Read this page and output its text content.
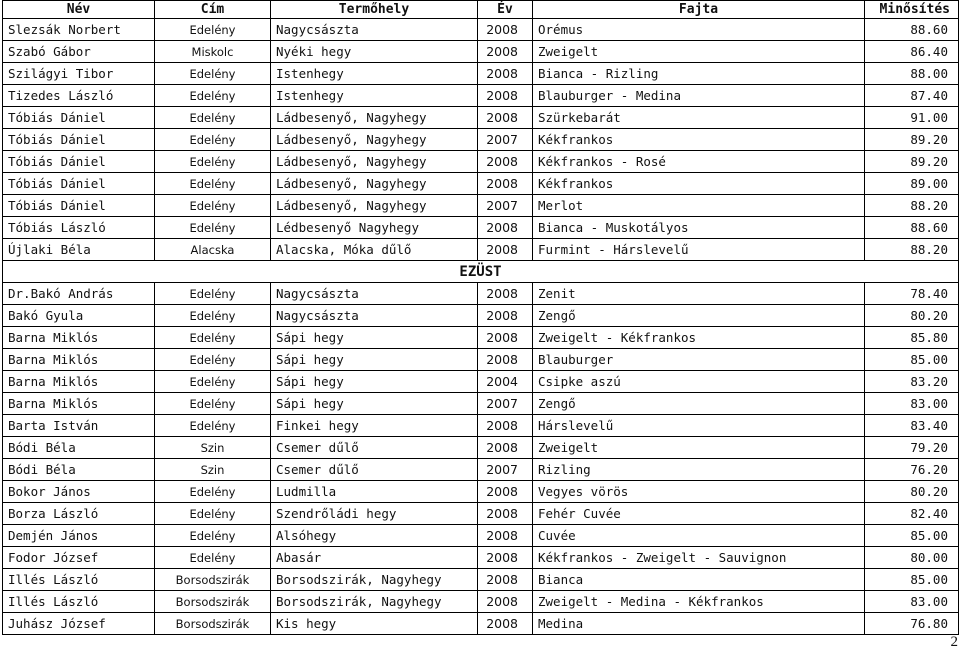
Név	Cím	Termőhely	Év	Fajta	Minősítés
Slezsák Norbert	Edelény	Nagycsászta	2008	Orémus	88.60
Szabó Gábor	Miskolc	Nyéki hegy	2008	Zweigelt	86.40
Szilágyi Tibor	Edelény	Istenhegy	2008	Bianca - Rizling	88.00
Tizedes László	Edelény	Istenhegy	2008	Blauburger - Medina	87.40
Tóbiás Dániel	Edelény	Ládbesenyő, Nagyhegy	2008	Szürkebarát	91.00
Tóbiás Dániel	Edelény	Ládbesenyő, Nagyhegy	2007	Kékfrankos	89.20
Tóbiás Dániel	Edelény	Ládbesenyő, Nagyhegy	2008	Kékfrankos - Rosé	89.20
Tóbiás Dániel	Edelény	Ládbesenyő, Nagyhegy	2008	Kékfrankos	89.00
Tóbiás Dániel	Edelény	Ládbesenyő, Nagyhegy	2007	Merlot	88.20
Tóbiás László	Edelény	Lédbesenyő Nagyhegy	2008	Bianca - Muskotályos	88.60
Újlaki Béla	Alacska	Alacska, Móka dűlő	2008	Furmint - Hárslevelű	88.20
EZÜST					
Dr.Bakó András	Edelény	Nagycsászta	2008	Zenit	78.40
Bakó Gyula	Edelény	Nagycsászta	2008	Zengő	80.20
Barna Miklós	Edelény	Sápi hegy	2008	Zweigelt - Kékfrankos	85.80
Barna Miklós	Edelény	Sápi hegy	2008	Blauburger	85.00
Barna Miklós	Edelény	Sápi hegy	2004	Csipke aszú	83.20
Barna Miklós	Edelény	Sápi hegy	2007	Zengő	83.00
Barta István	Edelény	Finkei hegy	2008	Hárslevelű	83.40
Bódi Béla	Szin	Csemer dűlő	2008	Zweigelt	79.20
Bódi Béla	Szin	Csemer dűlő	2007	Rizling	76.20
Bokor János	Edelény	Ludmilla	2008	Vegyes vörös	80.20
Borza László	Edelény	Szendrőládi hegy	2008	Fehér Cuvée	82.40
Demjén János	Edelény	Alsóhegy	2008	Cuvée	85.00
Fodor József	Edelény	Abasár	2008	Kékfrankos - Zweigelt - Sauvignon	80.00
Illés László	Borsodszirák	Borsodszirák, Nagyhegy	2008	Bianca	85.00
Illés László	Borsodszirák	Borsodszirák, Nagyhegy	2008	Zweigelt - Medina - Kékfrankos	83.00
Juhász József	Borsodszirák	Kis hegy	2008	Medina	76.80
2
